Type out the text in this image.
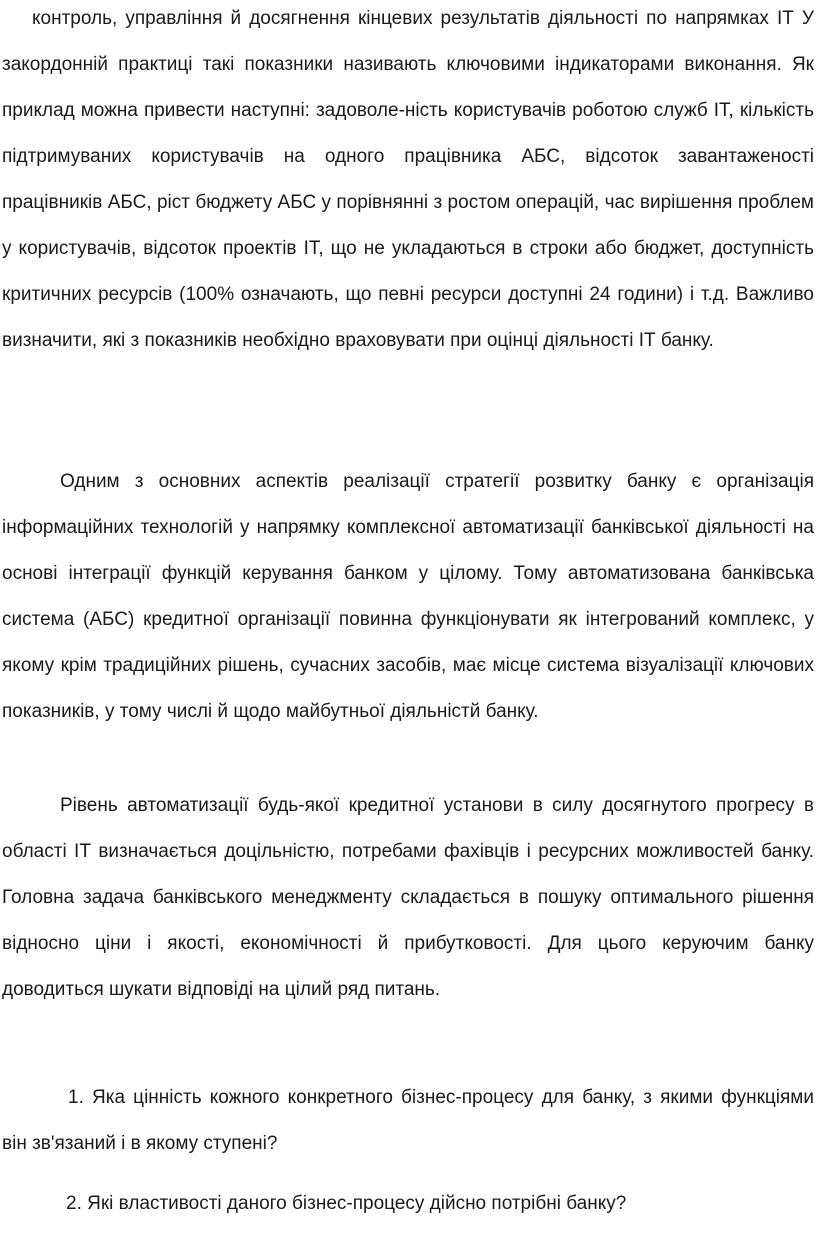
контроль, управління й досягнення кінцевих результатів діяльності по напрямках ІТ У закордонній практиці такі показники називають ключовими індикаторами виконання. Як приклад можна привести наступні: задоволе-ність користувачів роботою служб ІТ, кількість підтримуваних користувачів на одного працівника АБС, відсоток завантаженості працівників АБС, ріст бюджету АБС у порівнянні з ростом операцій, час вирішення проблем у користувачів, відсоток проектів ІТ, що не укладаються в строки або бюджет, доступність критичних ресурсів (100% означають, що певні ресурси доступні 24 години) і т.д. Важливо визначити, які з показників необхідно враховувати при оцінці діяльності ІТ банку.

Одним з основних аспектів реалізації стратегії розвитку банку є організація інформаційних технологій у напрямку комплексної автоматизації банківської діяльності на основі інтеграції функцій керування банком у цілому. Тому автоматизована банківська система (АБС) кредитної організації повинна функціонувати як інтегрований комплекс, у якому крім традиційних рішень, сучасних засобів, має місце система візуалізації ключових показників, у тому числі й щодо майбутньої діяльністй банку.

Рівень автоматизації будь-якої кредитної установи в силу досягнутого прогресу в області ІТ визначається доцільністю, потребами фахівців і ресурсних можливостей банку. Головна задача банківського менеджменту складається в пошуку оптимального рішення відносно ціни і якості, економічності й прибутковості. Для цього керуючим банку доводиться шукати відповіді на цілий ряд питань.

1. Яка цінність кожного конкретного бізнес-процесу для банку, з якими функціями він зв'язаний і в якому ступені?

2. Які властивості даного бізнес-процесу дійсно потрібні банку?
